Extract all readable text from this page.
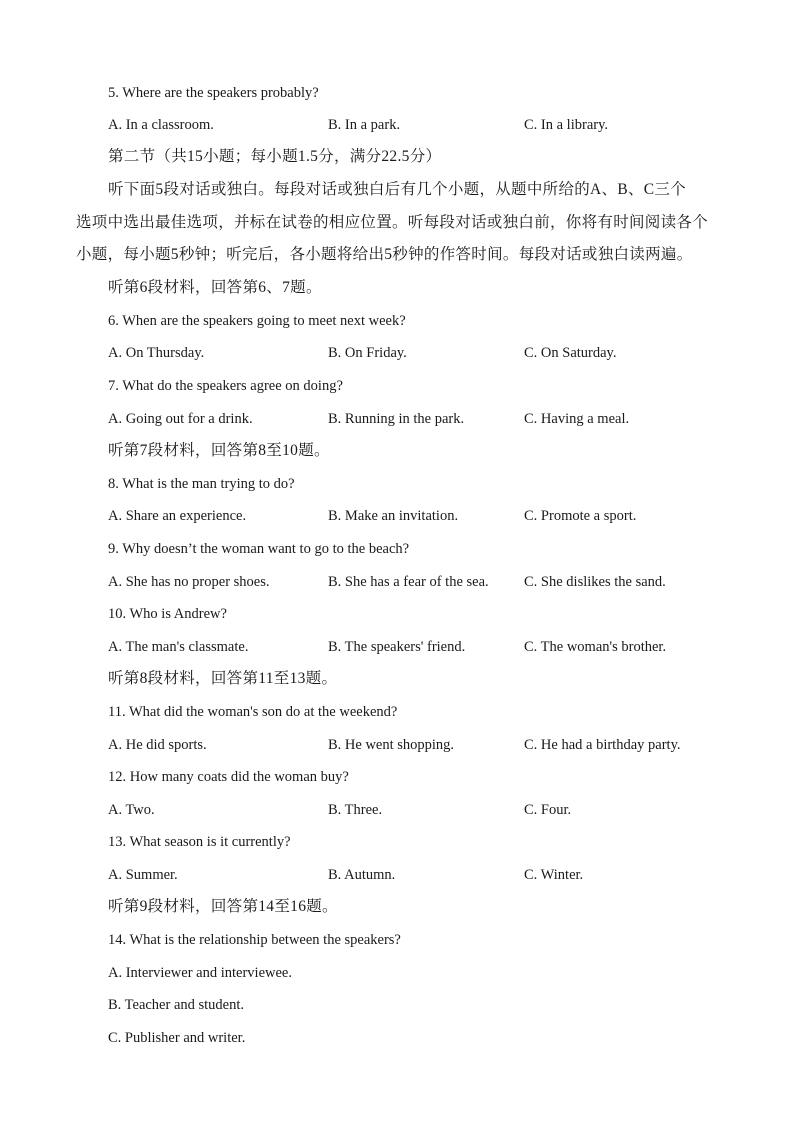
5. Where are the speakers probably?
A. In a classroom.	B. In a park.	C. In a library.
第二节（共15小题；每小题1.5分，满分22.5分）
听下面5段对话或独白。每段对话或独白后有几个小题，从题中所给的A、B、C三个
选项中选出最佳选项，并标在试卷的相应位置。听每段对话或独白前，你将有时间阅读各个
小题，每小题5秒钟；听完后，各小题将给出5秒钟的作答时间。每段对话或独白读两遍。
听第6段材料，回答第6、7题。
6. When are the speakers going to meet next week?
A. On Thursday.	B. On Friday.	C. On Saturday.
7. What do the speakers agree on doing?
A. Going out for a drink.	B. Running in the park.	C. Having a meal.
听第7段材料，回答第8至10题。
8. What is the man trying to do?
A. Share an experience.	B. Make an invitation.	C. Promote a sport.
9. Why doesn’t the woman want to go to the beach?
A. She has no proper shoes.	B. She has a fear of the sea. C. She dislikes the sand.
10. Who is Andrew?
A. The man's classmate.	B. The speakers' friend.	C. The woman's brother.
听第8段材料，回答第11至13题。
11. What did the woman's son do at the weekend?
A. He did sports.	B. He went shopping.	C. He had a birthday party.
12. How many coats did the woman buy?
A. Two.	B. Three.	C. Four.
13. What season is it currently?
A. Summer.	B. Autumn.	C. Winter.
听第9段材料，回答第14至16题。
14. What is the relationship between the speakers?
A. Interviewer and interviewee.
B. Teacher and student.
C. Publisher and writer.
